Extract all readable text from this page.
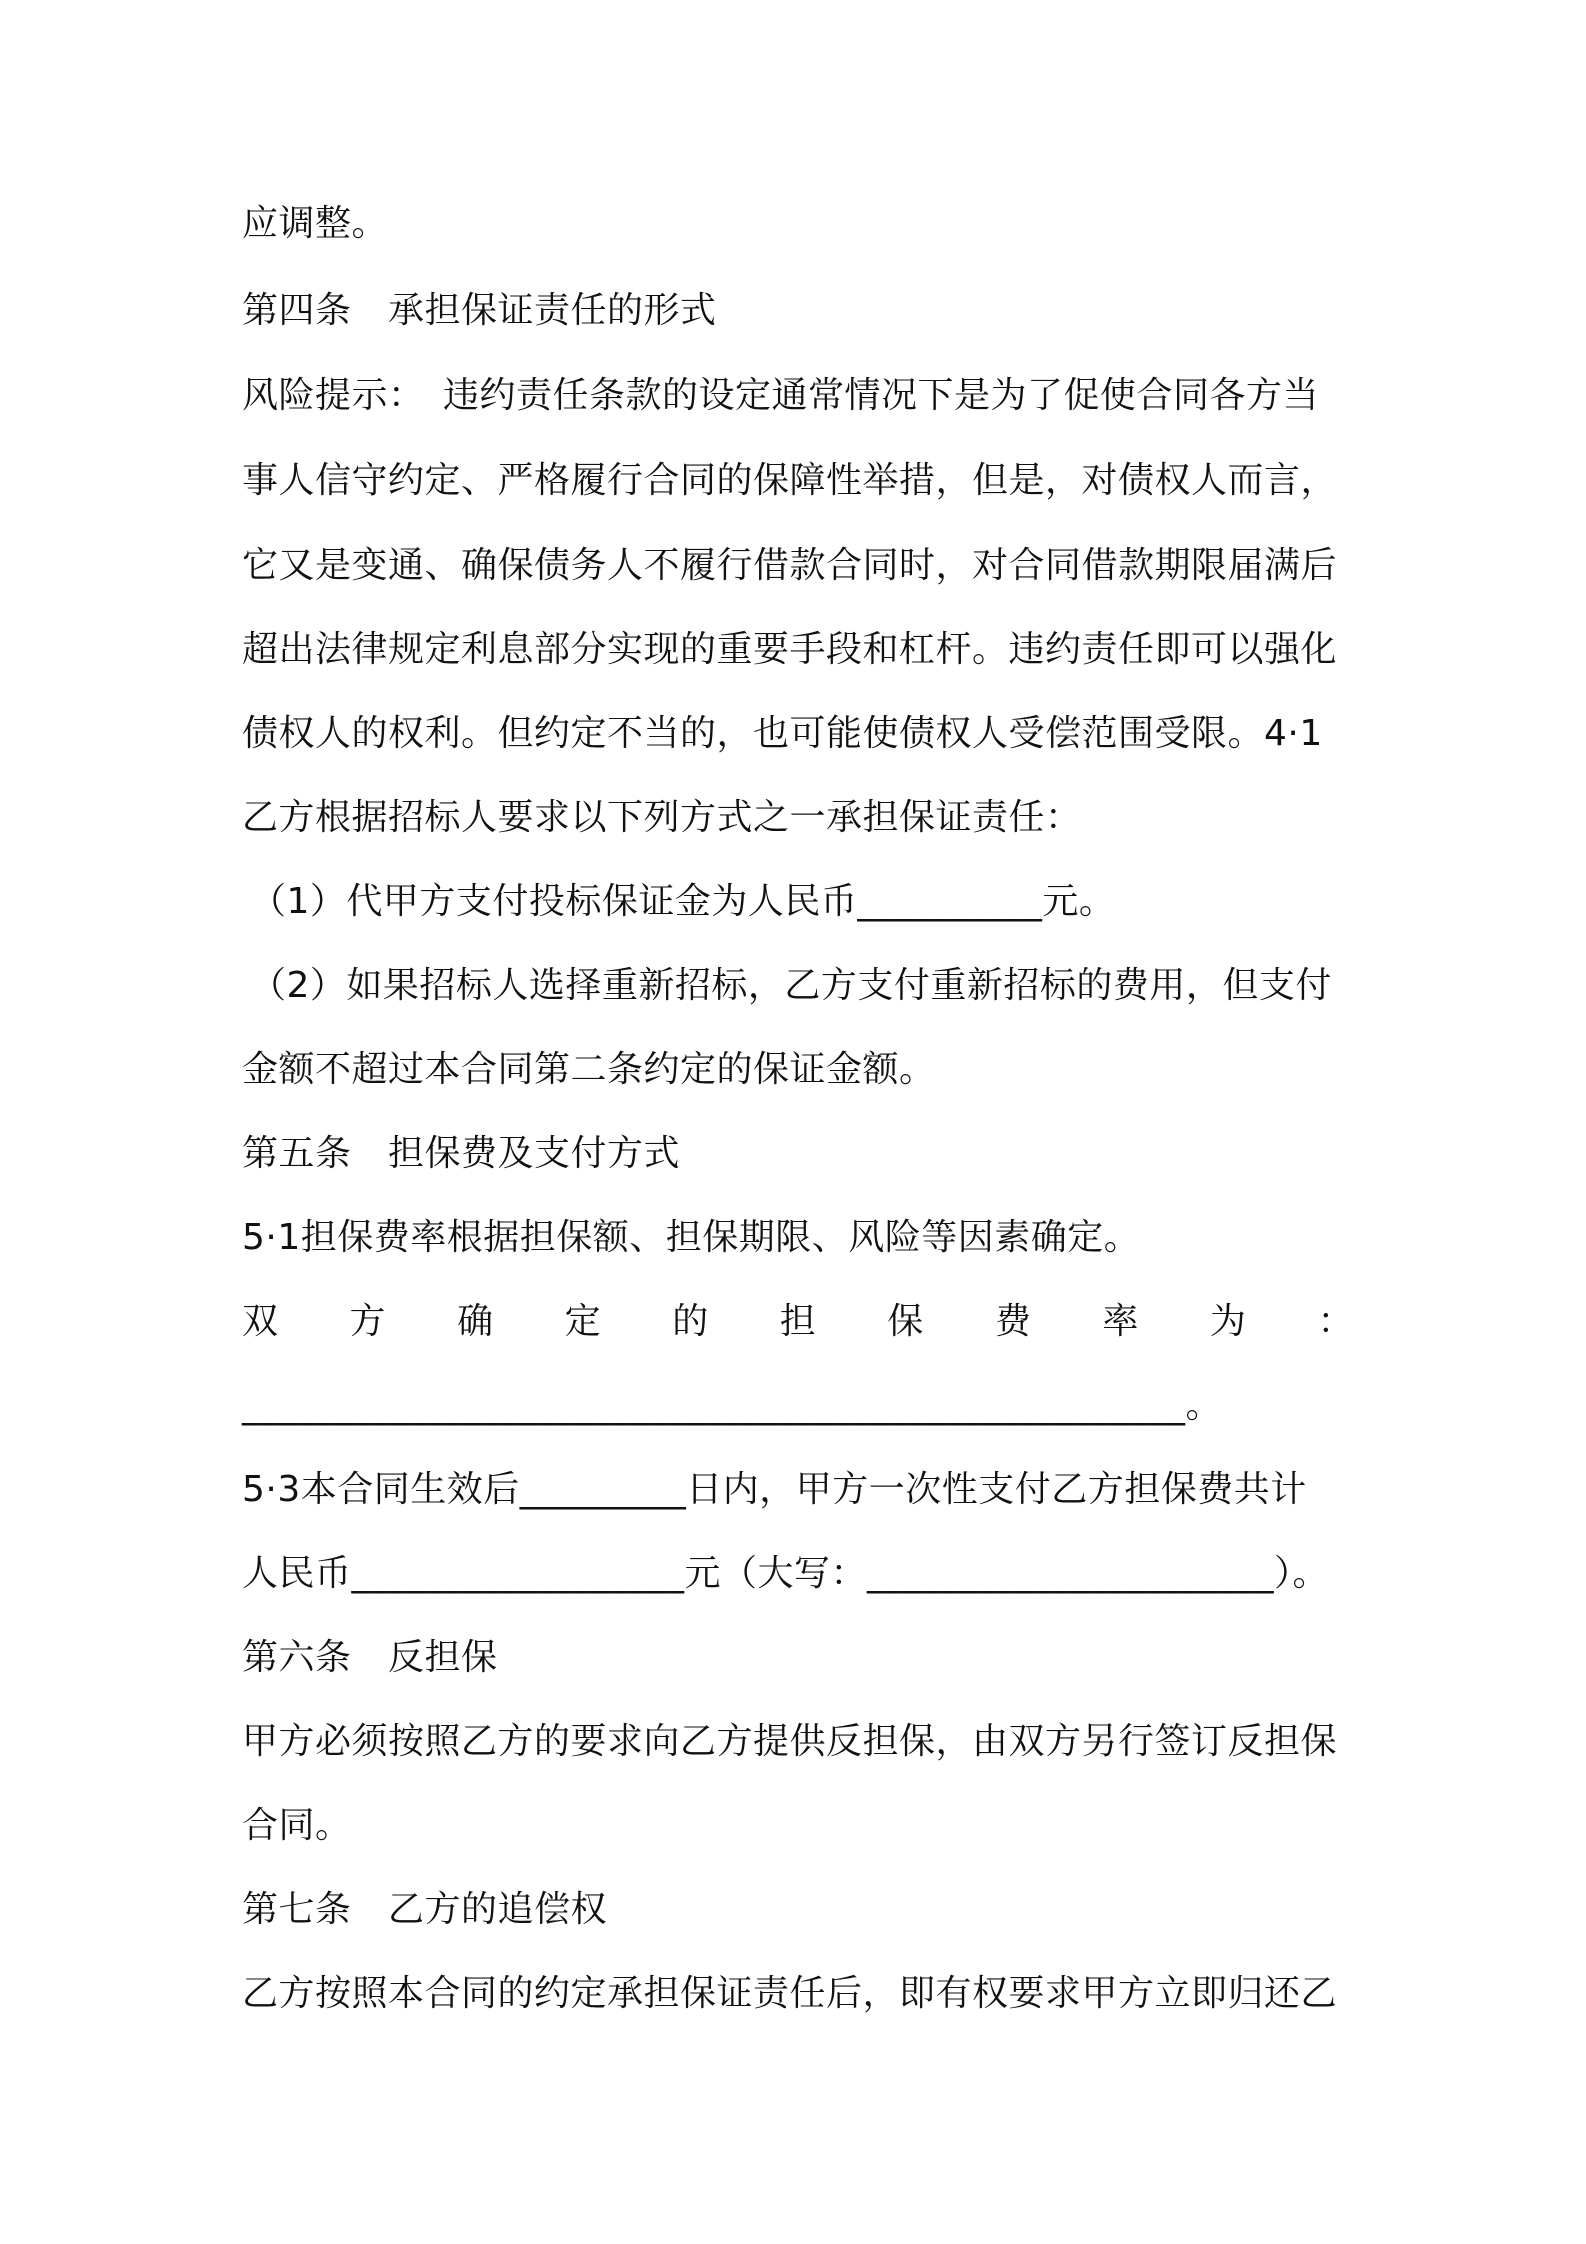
应调整。
第四条　承担保证责任的形式
风险提示：　违约责任条款的设定通常情况下是为了促使合同各方当
事人信守约定、严格履行合同的保障性举措，但是，对债权人而言，
它又是变通、确保债务人不履行借款合同时，对合同借款期限届满后
超出法律规定利息部分实现的重要手段和杠杆。违约责任即可以强化
债权人的权利。但约定不当的，也可能使债权人受偿范围受限。4·1
乙方根据招标人要求以下列方式之一承担保证责任：
（1）代甲方支付投标保证金为人民币__________元。
（2）如果招标人选择重新招标，乙方支付重新招标的费用，但支付
金额不超过本合同第二条约定的保证金额。
第五条　担保费及支付方式
5·1担保费率根据担保额、担保期限、风险等因素确定。
双 方 确 定 的 担 保 费 率 为 ：
___________________________________________________。
5·3本合同生效后_________日内，甲方一次性支付乙方担保费共计
人民币__________________元（大写：______________________）。
第六条　反担保
甲方必须按照乙方的要求向乙方提供反担保，由双方另行签订反担保
合同。
第七条　乙方的追偿权
乙方按照本合同的约定承担保证责任后，即有权要求甲方立即归还乙
